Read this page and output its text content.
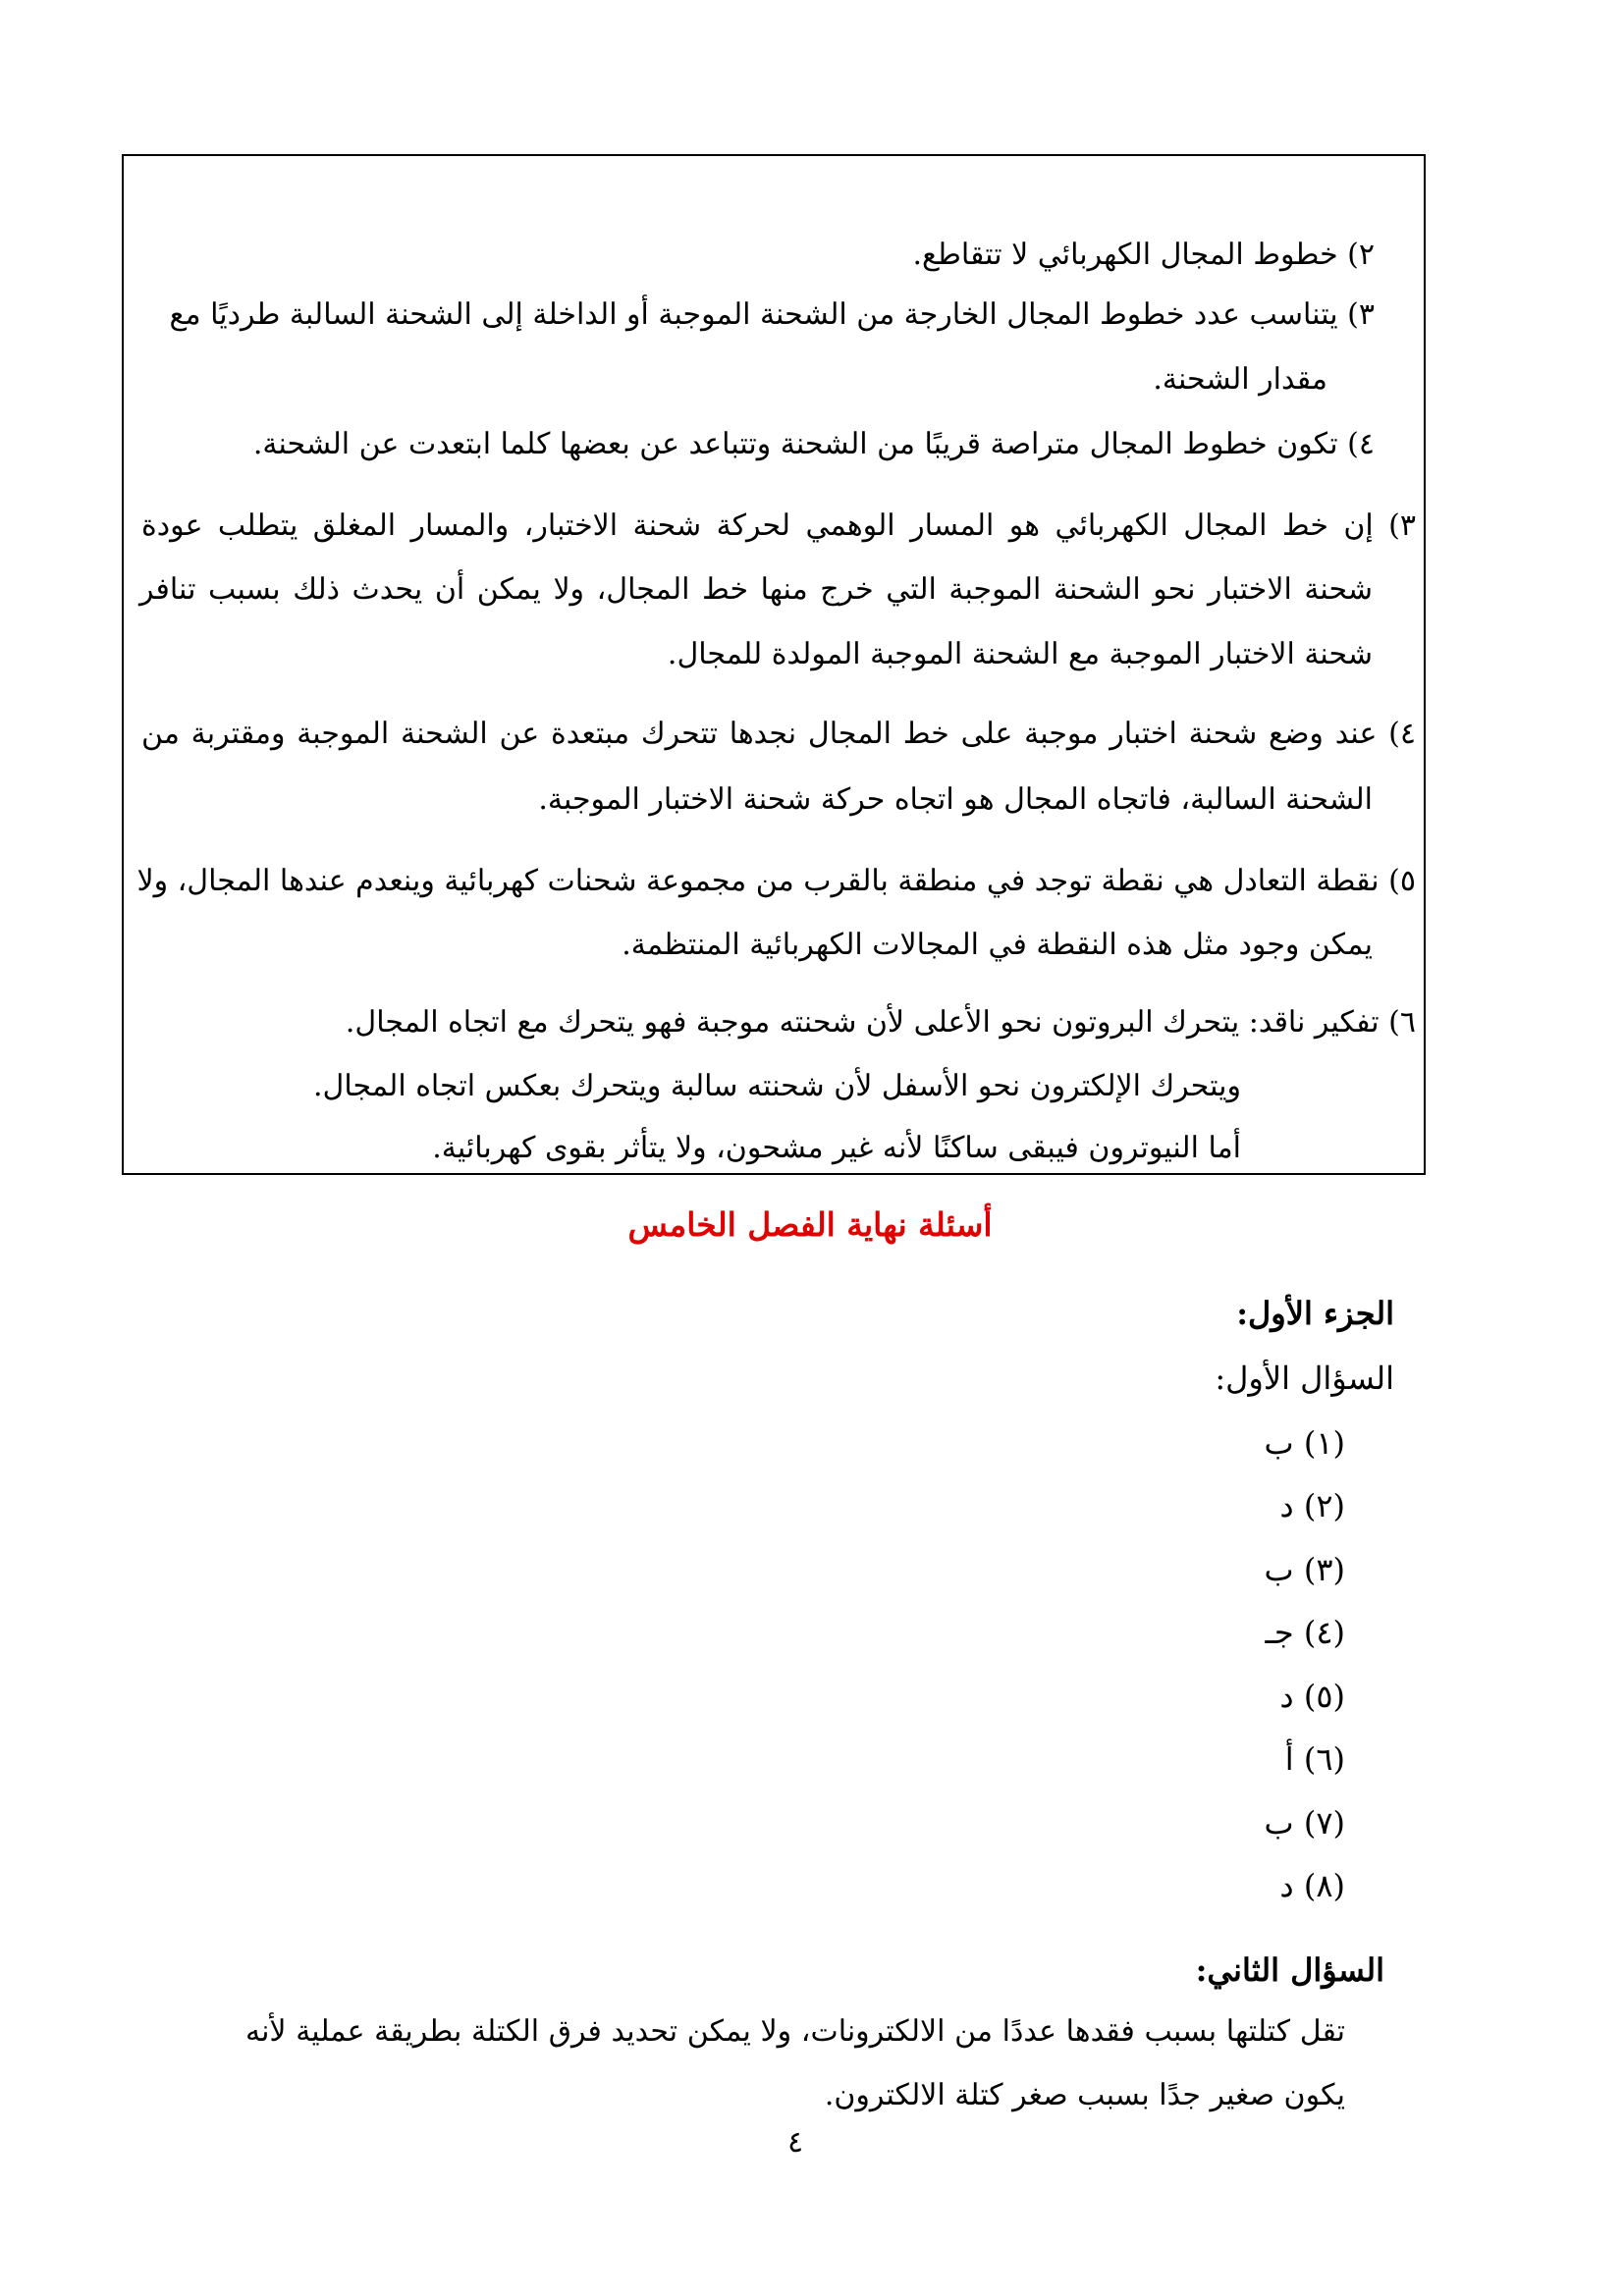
٢) خطوط المجال الكهربائي لا تتقاطع.
٣) يتناسب عدد خطوط المجال الخارجة من الشحنة الموجبة أو الداخلة إلى الشحنة السالبة طرديًا مع
مقدار الشحنة.
٤) تكون خطوط المجال متراصة قريبًا من الشحنة وتتباعد عن بعضها كلما ابتعدت عن الشحنة.
٣) إن خط المجال الكهربائي هو المسار الوهمي لحركة شحنة الاختبار، والمسار المغلق يتطلب عودة
شحنة الاختبار نحو الشحنة الموجبة التي خرج منها خط المجال، ولا يمكن أن يحدث ذلك بسبب تنافر
شحنة الاختبار الموجبة مع الشحنة الموجبة المولدة للمجال.
٤) عند وضع شحنة اختبار موجبة على خط المجال نجدها تتحرك مبتعدة عن الشحنة الموجبة ومقتربة من
الشحنة السالبة، فاتجاه المجال هو اتجاه حركة شحنة الاختبار الموجبة.
٥) نقطة التعادل هي نقطة توجد في منطقة بالقرب من مجموعة شحنات كهربائية وينعدم عندها المجال، ولا
يمكن وجود مثل هذه النقطة في المجالات الكهربائية المنتظمة.
٦) تفكير ناقد: يتحرك البروتون نحو الأعلى لأن شحنته موجبة فهو يتحرك مع اتجاه المجال.
ويتحرك الإلكترون نحو الأسفل لأن شحنته سالبة ويتحرك بعكس اتجاه المجال.
أما النيوترون فيبقى ساكنًا لأنه غير مشحون، ولا يتأثر بقوى كهربائية.
أسئلة نهاية الفصل الخامس
الجزء الأول:
السؤال الأول:
(١) ب
(٢) د
(٣) ب
(٤) جـ
(٥) د
(٦) أ
(٧) ب
(٨) د
السؤال الثاني:
تقل كتلتها بسبب فقدها عددًا من الالكترونات، ولا يمكن تحديد فرق الكتلة بطريقة عملية لأنه
يكون صغير جدًا بسبب صغر كتلة الالكترون.
٤
